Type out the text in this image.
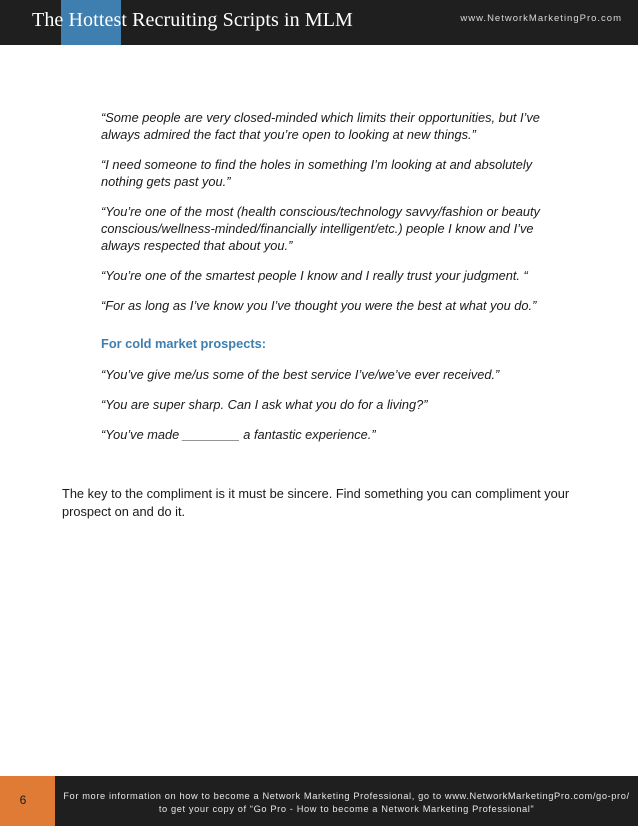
The Hottest Recruiting Scripts in MLM	www.NetworkMarketingPro.com

“Some people are very closed-minded which limits their opportunities, but I’ve always admired the fact that you’re open to looking at new things.”

“I need someone to find the holes in something I’m looking at and absolutely nothing gets past you.”

“You’re one of the most (health conscious/technology savvy/fashion or beauty conscious/wellness-minded/financially intelligent/etc.) people I know and I’ve always respected that about you.”

“You’re one of the smartest people I know and I really trust your judgment. “

“For as long as I’ve know you I’ve thought you were the best at what you do.”

For cold market prospects:

“You’ve give me/us some of the best service I’ve/we’ve ever received.”

“You are super sharp. Can I ask what you do for a living?”

“You’ve made ________ a fantastic experience.”

The key to the compliment is it must be sincere. Find something you can compliment your prospect on and do it.
6	For more information on how to become a Network Marketing Professional, go to www.NetworkMarketingPro.com/go-pro/
to get your copy of “Go Pro - How to become a Network Marketing Professional”
